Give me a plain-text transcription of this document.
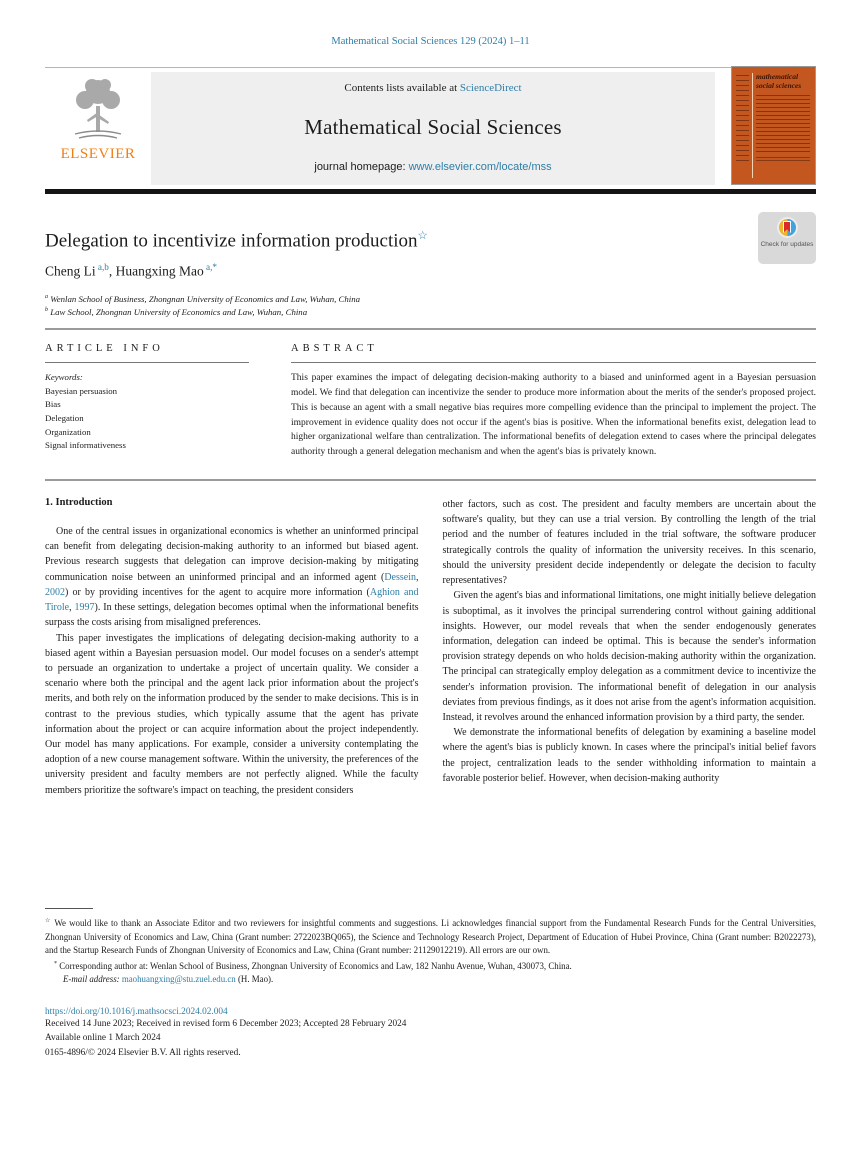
Mathematical Social Sciences 129 (2024) 1–11
ELSEVIER
Contents lists available at ScienceDirect
Mathematical Social Sciences
journal homepage: www.elsevier.com/locate/mss
mathematical social sciences
Delegation to incentivize information production☆
Check for updates
Cheng Li $^{a,b}$, Huangxing Mao $^{a,*}$
$^a$ Wenlan School of Business, Zhongnan University of Economics and Law, Wuhan, China
$^b$ Law School, Zhongnan University of Economics and Law, Wuhan, China
ARTICLE INFO
Keywords:
Bayesian persuasion
Bias
Delegation
Organization
Signal informativeness
ABSTRACT

This paper examines the impact of delegating decision-making authority to a biased and uninformed agent in a Bayesian persuasion model. We find that delegation can incentivize the sender to produce more information about the merits of the sender's proposed project. This is because an agent with a small negative bias requires more compelling evidence than the principal to implement the project. The improvement in evidence quality does not occur if the agent's bias is positive. When the informational benefits exist, delegation lead to higher organizational welfare than centralization. The informational benefits of delegation extend to cases where the principal delegates authority through a general delegation mechanism and when the agent's bias is privately known.

1. Introduction

One of the central issues in organizational economics is whether an uninformed principal can benefit from delegating decision-making authority to an informed but biased agent. Previous research suggests that delegation can improve decision-making by mitigating communication noise between an uninformed principal and an informed agent (Dessein, 2002) or by providing incentives for the agent to acquire more information (Aghion and Tirole, 1997). In these settings, delegation becomes optimal when the informational benefits surpass the costs arising from misaligned preferences.

This paper investigates the implications of delegating decision-making authority to a biased agent within a Bayesian persuasion model. Our model focuses on a sender's attempt to persuade an organization to undertake a project of uncertain quality. We consider a scenario where both the principal and the agent lack prior information about the project's merits, and both rely on the information produced by the sender to make decisions. This is in contrast to the previous studies, which typically assume that the agent has private information about the project or can acquire information about the project independently. Our model has many applications. For example, consider a university contemplating the adoption of a new course management software. Within the university, the preferences of the university president and faculty members are not perfectly aligned. While the faculty members prioritize the software's impact on teaching, the president considers

other factors, such as cost. The president and faculty members are uncertain about the software's quality, but they can use a trial version. By controlling the length of the trial period and the number of features included in the trial software, the software producer strategically controls the quality of information the university receives. In this scenario, should the university president decide independently or delegate the decision to faculty representatives?

Given the agent's bias and informational limitations, one might initially believe delegation is suboptimal, as it involves the principal surrendering control without gaining additional insights. However, our model reveals that when the sender endogenously generates information, delegation can indeed be optimal. This is because the sender's information provision strategy depends on who holds decision-making authority within the organization. The principal can strategically employ delegation as a commitment device to incentivize the sender's information provision. The informational benefit of delegation in our analysis deviates from previous findings, as it does not arise from the agent's information acquisition. Instead, it revolves around the enhanced information provision by a third party, the sender.

We demonstrate the informational benefits of delegation by examining a baseline model where the agent's bias is publicly known. In cases where the principal's initial belief favors the project, centralization leads to the sender withholding information to maintain a favorable posterior belief. However, when decision-making authority

☆ We would like to thank an Associate Editor and two reviewers for insightful comments and suggestions. Li acknowledges financial support from the Fundamental Research Funds for the Central Universities, Zhongnan University of Economics and Law, China (Grant number: 2722023BQ065), the Science and Technology Research Project, Department of Education of Hubei Province, China (Grant number: B2022273), and the Startup Research Funds of Zhongnan University of Economics and Law, China (Grant number: 21129012219). All errors are our own.

* Corresponding author at: Wenlan School of Business, Zhongnan University of Economics and Law, 182 Nanhu Avenue, Wuhan, 430073, China.

E-mail address: maohuangxing@stu.zuel.edu.cn (H. Mao).

https://doi.org/10.1016/j.mathsocsci.2024.02.004
Received 14 June 2023; Received in revised form 6 December 2023; Accepted 28 February 2024
Available online 1 March 2024
0165-4896/© 2024 Elsevier B.V. All rights reserved.
